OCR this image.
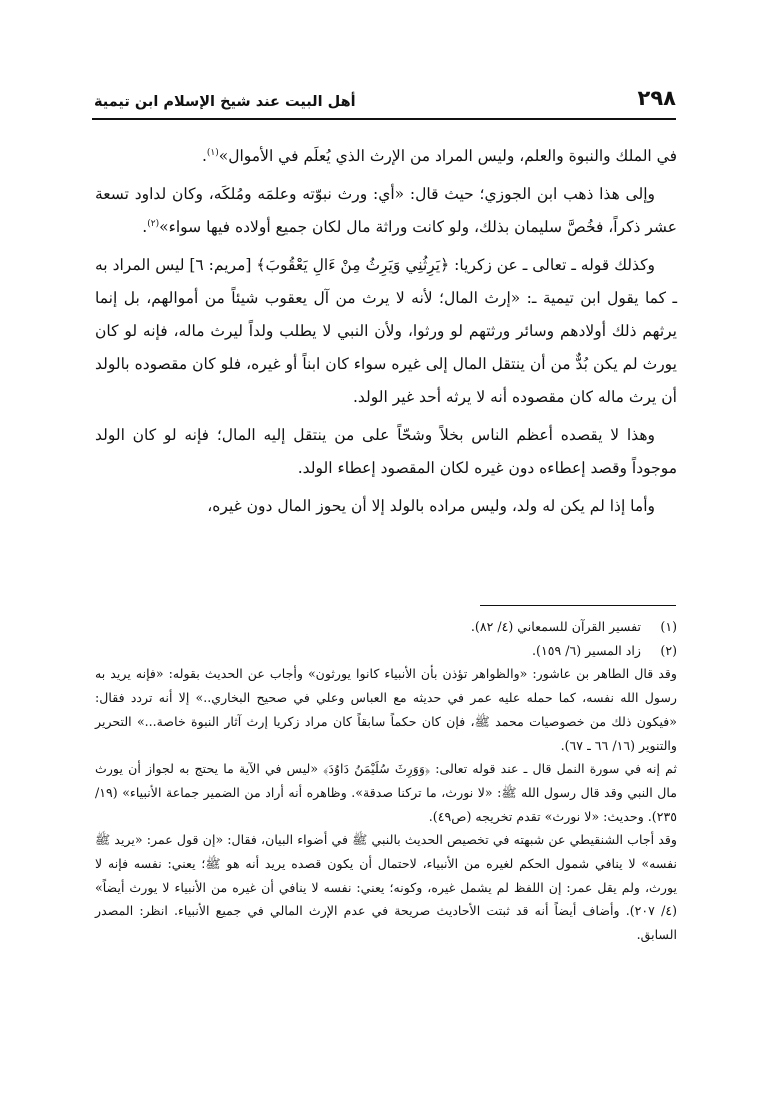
٢٩٨
أهل البيت عند شيخ الإسلام ابن تيمية

في الملك والنبوة والعلم، وليس المراد من الإرث الذي يُعلَم في الأموال»$^{(١)}$.

وإلى هذا ذهب ابن الجوزي؛ حيث قال: «أي: ورث نبوّته وعلمَه ومُلكَه، وكان لداود تسعة عشر ذكراً، فخُصَّ سليمان بذلك، ولو كانت وراثة مال لكان جميع أولاده فيها سواء»$^{(٢)}$.

وكذلك قوله ـ تعالى ـ عن زكريا: ﴿يَرِثُنِي وَيَرِثُ مِنْ ءَالِ يَعْقُوبَ﴾ [مريم: ٦] ليس المراد به ـ كما يقول ابن تيمية ـ: «إرث المال؛ لأنه لا يرث من آل يعقوب شيئاً من أموالهم، بل إنما يرثهم ذلك أولادهم وسائر ورثتهم لو ورثوا، ولأن النبي لا يطلب ولداً ليرث ماله، فإنه لو كان يورث لم يكن بُدٌّ من أن ينتقل المال إلى غيره سواء كان ابناً أو غيره، فلو كان مقصوده بالولد أن يرث ماله كان مقصوده أنه لا يرثه أحد غير الولد.

وهذا لا يقصده أعظم الناس بخلاً وشحّاً على من ينتقل إليه المال؛ فإنه لو كان الولد موجوداً وقصد إعطاءه دون غيره لكان المقصود إعطاء الولد.

وأما إذا لم يكن له ولد، وليس مراده بالولد إلا أن يحوز المال دون غيره،

(١)
تفسير القرآن للسمعاني (٤/ ٨٢).
(٢)
زاد المسير (٦/ ١٥٩).

وقد قال الطاهر بن عاشور: «والظواهر تؤذن بأن الأنبياء كانوا يورثون» وأجاب عن الحديث بقوله: «فإنه يريد به رسول الله نفسه، كما حمله عليه عمر في حديثه مع العباس وعلي في صحيح البخاري..» إلا أنه تردد فقال: «فيكون ذلك من خصوصيات محمد ﷺ، فإن كان حكماً سابقاً كان مراد زكريا إرث آثار النبوة خاصة...» التحرير والتنوير (١٦/ ٦٦ ـ ٦٧).

ثم إنه في سورة النمل قال ـ عند قوله تعالى: ﴿وَوَرِثَ سُلَيْمَنُ دَاوُدَ﴾ «ليس في الآية ما يحتج به لجواز أن يورث مال النبي وقد قال رسول الله ﷺ: «لا نورث، ما تركنا صدقة». وظاهره أنه أراد من الضمير جماعة الأنبياء» (١٩/ ٢٣٥). وحديث: «لا نورث» تقدم تخريجه (ص٤٩).

وقد أجاب الشنقيطي عن شبهته في تخصيص الحديث بالنبي ﷺ في أضواء البيان، فقال: «إن قول عمر: «يريد ﷺ نفسه» لا ينافي شمول الحكم لغيره من الأنبياء، لاحتمال أن يكون قصده يريد أنه هو ﷺ؛ يعني: نفسه فإنه لا يورث، ولم يقل عمر: إن اللفظ لم يشمل غيره، وكونه؛ يعني: نفسه لا ينافي أن غيره من الأنبياء لا يورث أيضاً» (٤/ ٢٠٧). وأضاف أيضاً أنه قد ثبتت الأحاديث صريحة في عدم الإرث المالي في جميع الأنبياء. انظر: المصدر السابق.
